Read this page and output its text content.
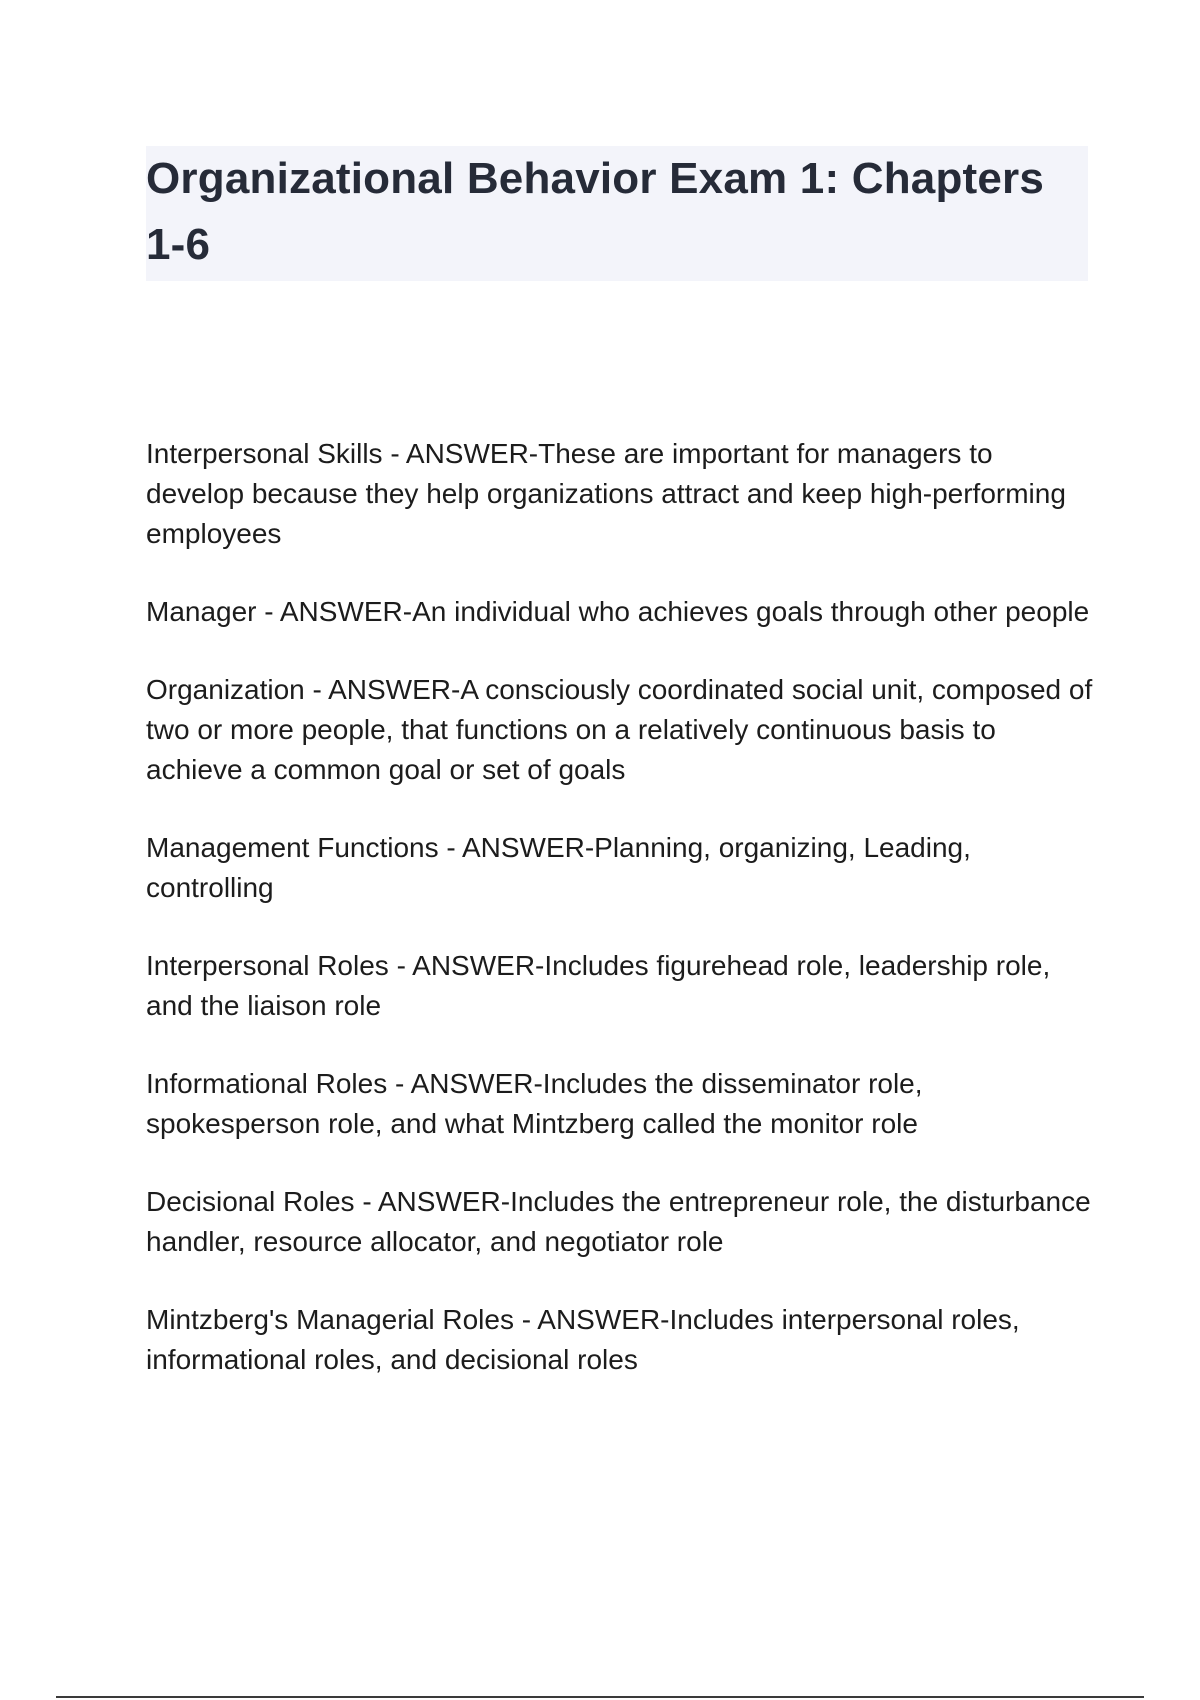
Organizational Behavior Exam 1: Chapters 1-6

Interpersonal Skills - ANSWER-These are important for managers to develop because they help organizations attract and keep high-performing employees

Manager - ANSWER-An individual who achieves goals through other people

Organization - ANSWER-A consciously coordinated social unit, composed of two or more people, that functions on a relatively continuous basis to achieve a common goal or set of goals

Management Functions - ANSWER-Planning, organizing, Leading, controlling

Interpersonal Roles - ANSWER-Includes figurehead role, leadership role, and the liaison role

Informational Roles - ANSWER-Includes the disseminator role, spokesperson role, and what Mintzberg called the monitor role

Decisional Roles - ANSWER-Includes the entrepreneur role, the disturbance handler, resource allocator, and negotiator role

Mintzberg's Managerial Roles - ANSWER-Includes interpersonal roles, informational roles, and decisional roles
